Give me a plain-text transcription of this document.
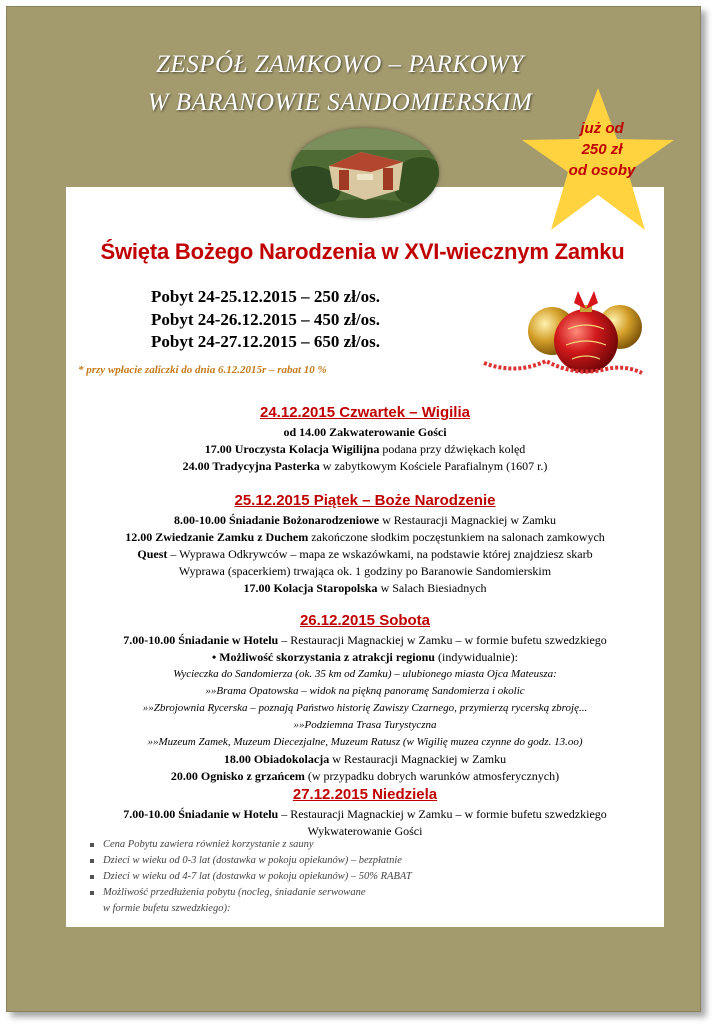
ZESPÓŁ ZAMKOWO – PARKOWY
W BARANOWIE SANDOMIERSKIM
już od
250 zł
od osoby
Święta Bożego Narodzenia w XVI-wiecznym Zamku
Pobyt 24-25.12.2015 – 250 zł/os.
Pobyt 24-26.12.2015 – 450 zł/os.
Pobyt 24-27.12.2015 – 650 zł/os.
* przy wpłacie zaliczki do dnia 6.12.2015r – rabat 10 %
24.12.2015 Czwartek – Wigilia
od 14.00 Zakwaterowanie Gości
17.00 Uroczysta Kolacja Wigilijna podana przy dźwiękach kolęd
24.00 Tradycyjna Pasterka w zabytkowym Kościele Parafialnym (1607 r.)
25.12.2015 Piątek – Boże Narodzenie
8.00-10.00 Śniadanie Bożonarodzeniowe w Restauracji Magnackiej w Zamku
12.00 Zwiedzanie Zamku z Duchem zakończone słodkim poczęstunkiem na salonach zamkowych
Quest – Wyprawa Odkrywców – mapa ze wskazówkami, na podstawie której znajdziesz skarb
Wyprawa (spacerkiem) trwająca ok. 1 godziny po Baranowie Sandomierskim
17.00 Kolacja Staropolska w Salach Biesiadnych
26.12.2015 Sobota
7.00-10.00 Śniadanie w Hotelu – Restauracji Magnackiej w Zamku – w formie bufetu szwedzkiego
• Możliwość skorzystania z atrakcji regionu (indywidualnie):
Wycieczka do Sandomierza (ok. 35 km od Zamku) – ulubionego miasta Ojca Mateusza:
»»Brama Opatowska – widok na piękną panoramę Sandomierza i okolic
»»Zbrojownia Rycerska – poznają Państwo historię Zawiszy Czarnego, przymierzą rycerską zbroję...
»»Podziemna Trasa Turystyczna
»»Muzeum Zamek, Muzeum Diecezjalne, Muzeum Ratusz (w Wigilię muzea czynne do godz. 13.oo)
18.00 Obiadokolacja w Restauracji Magnackiej w Zamku
20.00 Ognisko z grzańcem (w przypadku dobrych warunków atmosferycznych)
27.12.2015 Niedziela
7.00-10.00 Śniadanie w Hotelu – Restauracji Magnackiej w Zamku – w formie bufetu szwedzkiego
Wykwaterowanie Gości
Cena Pobytu zawiera również korzystanie z sauny
Dzieci w wieku od 0-3 lat (dostawka w pokoju opiekunów) – bezpłatnie
Dzieci w wieku od 4-7 lat (dostawka w pokoju opiekunów) – 50% RABAT
Możliwość przedłużenia pobytu (nocleg, śniadanie serwowane
w formie bufetu szwedzkiego):
